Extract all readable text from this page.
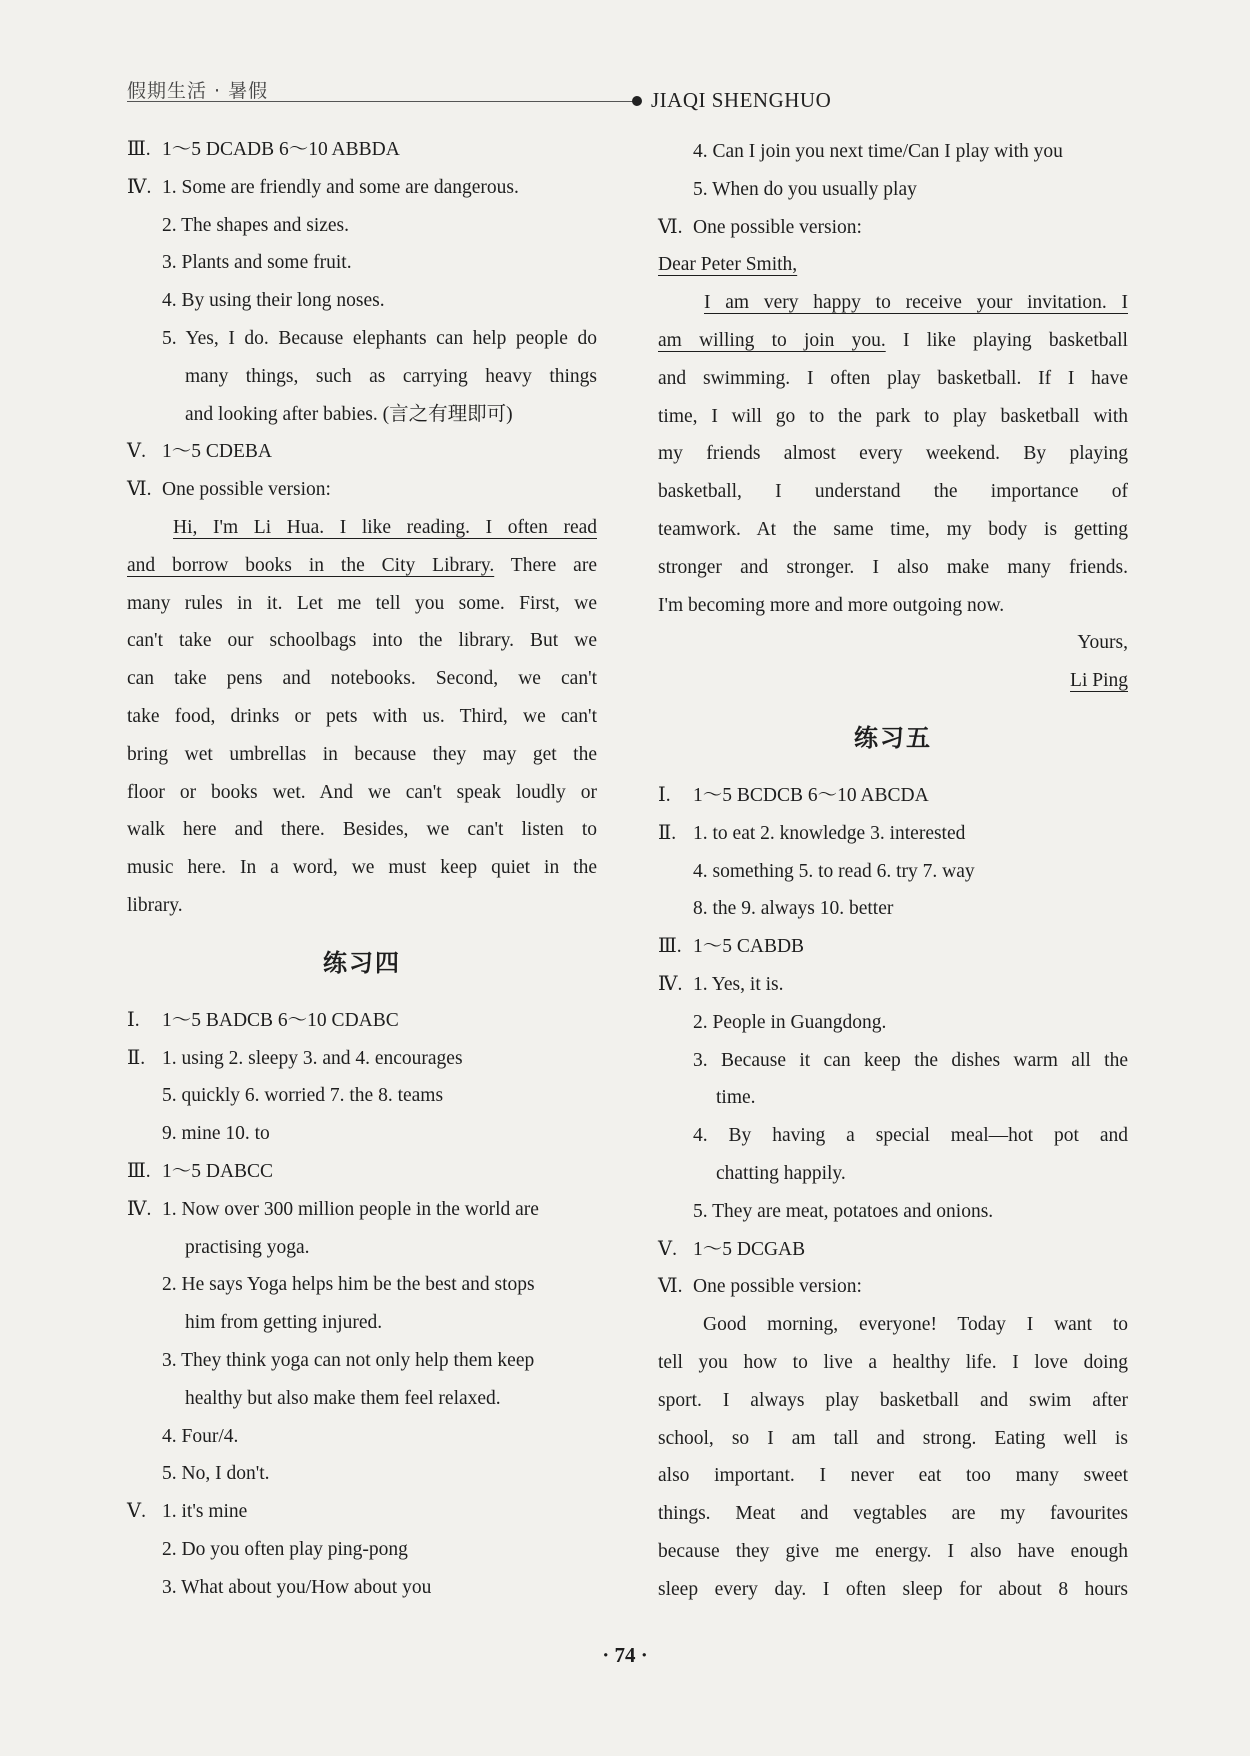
假期生活 · 暑假	JIAQI SHENGHUO
Ⅲ. 1～5 DCADB 6～10 ABBDA
Ⅳ. 1. Some are friendly and some are dangerous.
2. The shapes and sizes.
3. Plants and some fruit.
4. By using their long noses.
5. Yes, I do. Because elephants can help people do
many things, such as carrying heavy things
and looking after babies. (言之有理即可)
Ⅴ. 1～5 CDEBA
Ⅵ. One possible version:
Hi, I'm Li Hua. I like reading. I often read
and borrow books in the City Library. There are
many rules in it. Let me tell you some. First, we
can't take our schoolbags into the library. But we
can take pens and notebooks. Second, we can't
take food, drinks or pets with us. Third, we can't
bring wet umbrellas in because they may get the
floor or books wet. And we can't speak loudly or
walk here and there. Besides, we can't listen to
music here. In a word, we must keep quiet in the
library.
练习四
Ⅰ. 1～5 BADCB 6～10 CDABC
Ⅱ. 1. using 2. sleepy 3. and 4. encourages
5. quickly 6. worried 7. the 8. teams
9. mine 10. to
Ⅲ. 1～5 DABCC
Ⅳ. 1. Now over 300 million people in the world are
practising yoga.
2. He says Yoga helps him be the best and stops
him from getting injured.
3. They think yoga can not only help them keep
healthy but also make them feel relaxed.
4. Four/4.
5. No, I don't.
Ⅴ. 1. it's mine
2. Do you often play ping-pong
3. What about you/How about you
4. Can I join you next time/Can I play with you
5. When do you usually play
Ⅵ. One possible version:
Dear Peter Smith,
I am very happy to receive your invitation. I
am willing to join you. I like playing basketball
and swimming. I often play basketball. If I have
time, I will go to the park to play basketball with
my friends almost every weekend. By playing
basketball, I understand the importance of
teamwork. At the same time, my body is getting
stronger and stronger. I also make many friends.
I'm becoming more and more outgoing now.
Yours,
Li Ping
练习五
Ⅰ. 1～5 BCDCB 6～10 ABCDA
Ⅱ. 1. to eat 2. knowledge 3. interested
4. something 5. to read 6. try 7. way
8. the 9. always 10. better
Ⅲ. 1～5 CABDB
Ⅳ. 1. Yes, it is.
2. People in Guangdong.
3. Because it can keep the dishes warm all the
time.
4. By having a special meal—hot pot and
chatting happily.
5. They are meat, potatoes and onions.
Ⅴ. 1～5 DCGAB
Ⅵ. One possible version:
Good morning, everyone! Today I want to
tell you how to live a healthy life. I love doing
sport. I always play basketball and swim after
school, so I am tall and strong. Eating well is
also important. I never eat too many sweet
things. Meat and vegtables are my favourites
because they give me energy. I also have enough
sleep every day. I often sleep for about 8 hours
· 74 ·
